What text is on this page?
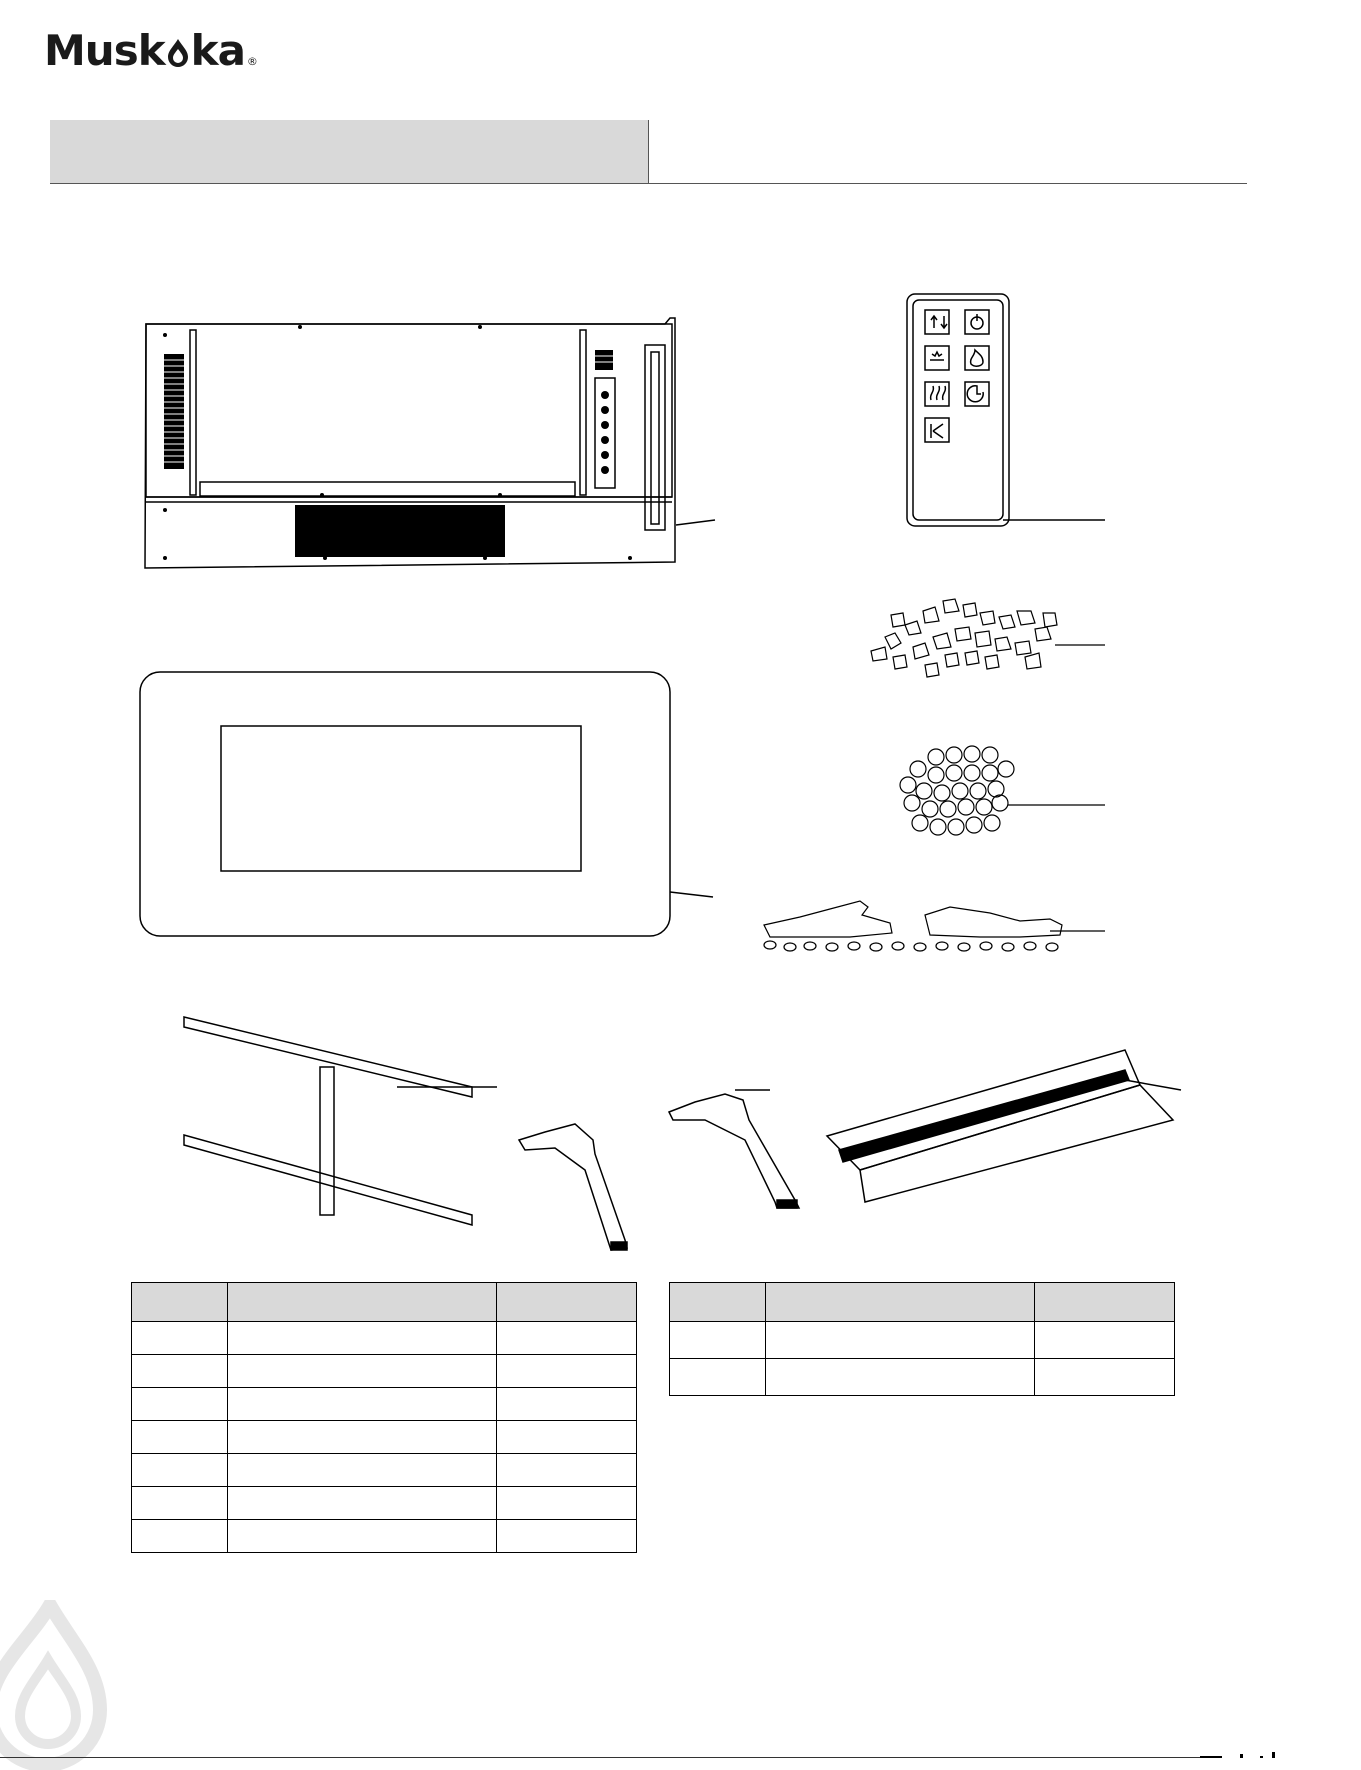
Musk ka ®
